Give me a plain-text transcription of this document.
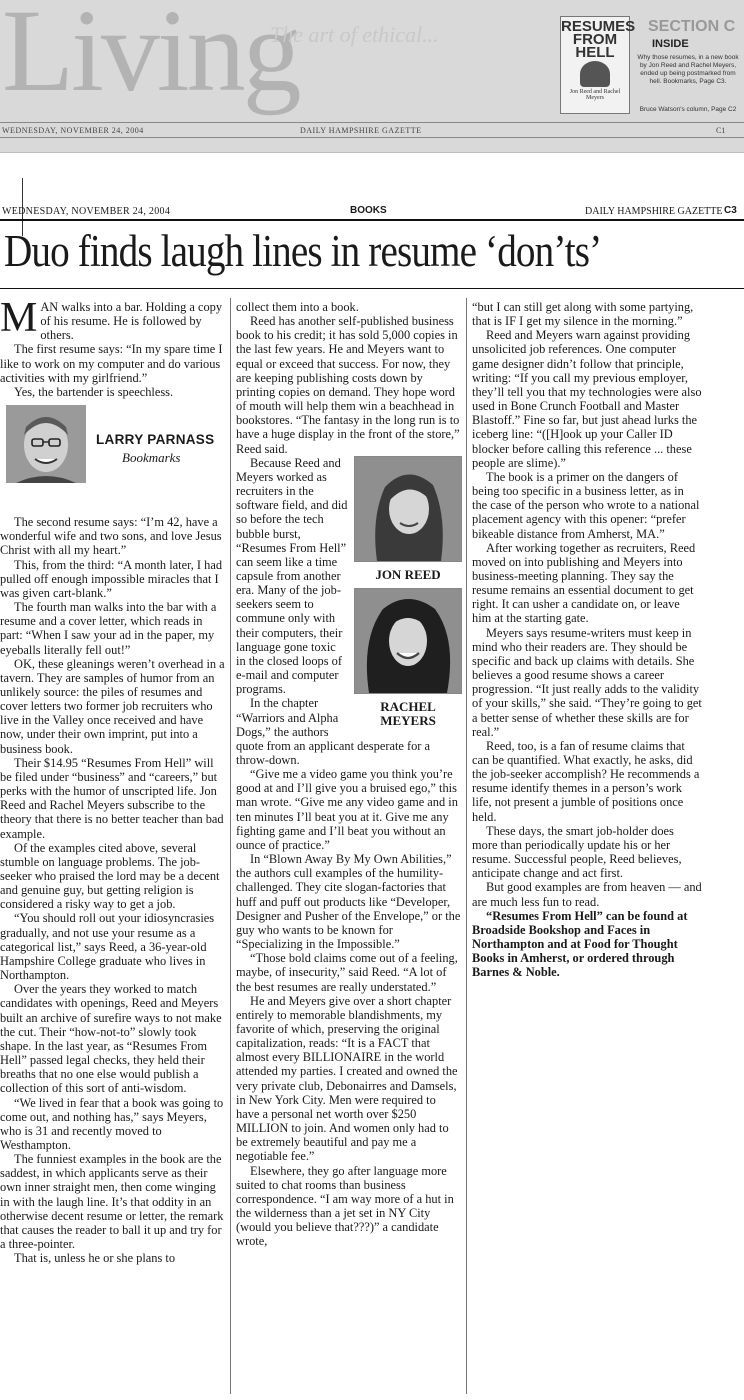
Living
The art of ethical...
WEDNESDAY, NOVEMBER 24, 2004	DAILY HAMPSHIRE GAZETTE	C1
RESUMES FROM HELL
Jon Reed and Rachel Meyers
SECTION C
INSIDE
Why those resumes, in a new book by Jon Reed and Rachel Meyers, ended up being postmarked from hell. Bookmarks, Page C3.
Bruce Watson's column, Page C2
WEDNESDAY, NOVEMBER 24, 2004	BOOKS	DAILY HAMPSHIRE GAZETTE C3
Duo finds laugh lines in resume ‘don’ts’

MAN walks into a bar. Holding a copy of his resume. He is followed by others.

The first resume says: “In my spare time I like to work on my computer and do various activities with my girlfriend.”

Yes, the bartender is speechless.

LARRY PARNASS
Bookmarks

The second resume says: “I’m 42, have a wonderful wife and two sons, and love Jesus Christ with all my heart.”

This, from the third: “A month later, I had pulled off enough impossible miracles that I was given cart-blank.”

The fourth man walks into the bar with a resume and a cover letter, which reads in part: “When I saw your ad in the paper, my eyeballs literally fell out!”

OK, these gleanings weren’t overhead in a tavern. They are samples of humor from an unlikely source: the piles of resumes and cover letters two former job recruiters who live in the Valley once received and have now, under their own imprint, put into a business book.

Their $14.95 “Resumes From Hell” will be filed under “business” and “careers,” but perks with the humor of unscripted life. Jon Reed and Rachel Meyers subscribe to the theory that there is no better teacher than bad example.

Of the examples cited above, several stumble on language problems. The job-seeker who praised the lord may be a decent and genuine guy, but getting religion is considered a risky way to get a job.

“You should roll out your idiosyncrasies gradually, and not use your resume as a categorical list,” says Reed, a 36-year-old Hampshire College graduate who lives in Northampton.

Over the years they worked to match candidates with openings, Reed and Meyers built an archive of surefire ways to not make the cut. Their “how-not-to” slowly took shape. In the last year, as “Resumes From Hell” passed legal checks, they held their breaths that no one else would publish a collection of this sort of anti-wisdom.

“We lived in fear that a book was going to come out, and nothing has,” says Meyers, who is 31 and recently moved to Westhampton.

The funniest examples in the book are the saddest, in which applicants serve as their own inner straight men, then come winging in with the laugh line. It’s that oddity in an otherwise decent resume or letter, the remark that causes the reader to ball it up and try for a three-pointer.

That is, unless he or she plans to

collect them into a book.

Reed has another self-published business book to his credit; it has sold 5,000 copies in the last few years. He and Meyers want to equal or exceed that success. For now, they are keeping publishing costs down by printing copies on demand. They hope word of mouth will help them win a beachhead in bookstores. “The fantasy in the long run is to have a huge display in the front of the store,” Reed said.

JON REED
RACHEL MEYERS

Because Reed and Meyers worked as recruiters in the software field, and did so before the tech bubble burst, “Resumes From Hell” can seem like a time capsule from another era. Many of the job-seekers seem to commune only with their computers, their language gone toxic in the closed loops of e-mail and computer programs.

In the chapter “Warriors and Alpha Dogs,” the authors quote from an applicant desperate for a throw-down.

“Give me a video game you think you’re good at and I’ll give you a bruised ego,” this man wrote. “Give me any video game and in ten minutes I’ll beat you at it. Give me any fighting game and I’ll beat you without an ounce of practice.”

In “Blown Away By My Own Abilities,” the authors cull examples of the humility-challenged. They cite slogan-factories that huff and puff out products like “Developer, Designer and Pusher of the Envelope,” or the guy who wants to be known for “Specializing in the Impossible.”

“Those bold claims come out of a feeling, maybe, of insecurity,” said Reed. “A lot of the best resumes are really understated.”

He and Meyers give over a short chapter entirely to memorable blandishments, my favorite of which, preserving the original capitalization, reads: “It is a FACT that almost every BILLIONAIRE in the world attended my parties. I created and owned the very private club, Debonairres and Damsels, in New York City. Men were required to have a personal net worth over $250 MILLION to join. And women only had to be extremely beautiful and pay me a negotiable fee.”

Elsewhere, they go after language more suited to chat rooms than business correspondence. “I am way more of a hut in the wilderness than a jet set in NY City (would you believe that???)” a candidate wrote,

“but I can still get along with some partying, that is IF I get my silence in the morning.”

Reed and Meyers warn against providing unsolicited job references. One computer game designer didn’t follow that principle, writing: “If you call my previous employer, they’ll tell you that my technologies were also used in Bone Crunch Football and Master Blastoff.” Fine so far, but just ahead lurks the iceberg line: “([H]ook up your Caller ID blocker before calling this reference ... these people are slime).”

The book is a primer on the dangers of being too specific in a business letter, as in the case of the person who wrote to a national placement agency with this opener: “prefer bikeable distance from Amherst, MA.”

After working together as recruiters, Reed moved on into publishing and Meyers into business-meeting planning. They say the resume remains an essential document to get right. It can usher a candidate on, or leave him at the starting gate.

Meyers says resume-writers must keep in mind who their readers are. They should be specific and back up claims with details. She believes a good resume shows a career progression. “It just really adds to the validity of your skills,” she said. “They’re going to get a better sense of whether these skills are for real.”

Reed, too, is a fan of resume claims that can be quantified. What exactly, he asks, did the job-seeker accomplish? He recommends a resume identify themes in a person’s work life, not present a jumble of positions once held.

These days, the smart job-holder does more than periodically update his or her resume. Successful people, Reed believes, anticipate change and act first.

But good examples are from heaven — and are much less fun to read.

“Resumes From Hell” can be found at Broadside Bookshop and Faces in Northampton and at Food for Thought Books in Amherst, or ordered through Barnes & Noble.
